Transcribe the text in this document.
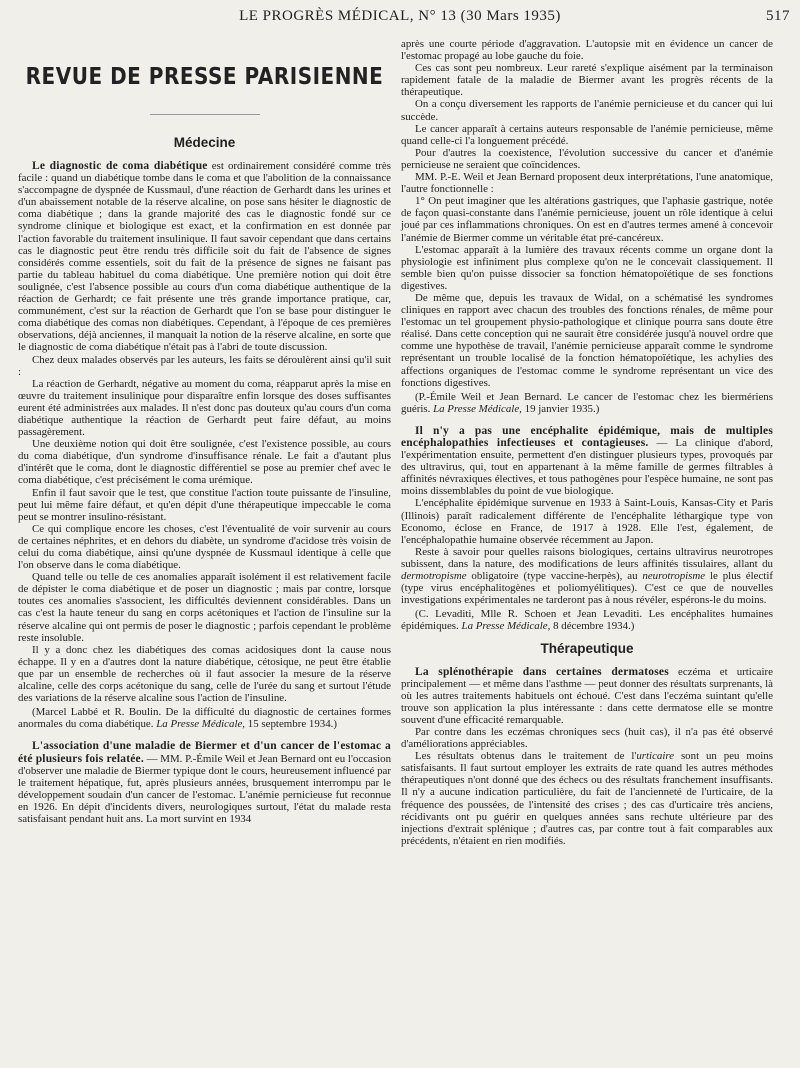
LE PROGRÈS MÉDICAL, N° 13 (30 Mars 1935)	517
REVUE DE PRESSE PARISIENNE
Médecine

Le diagnostic de coma diabétique est ordinairement considéré comme très facile : quand un diabétique tombe dans le coma et que l'abolition de la connaissance s'accompagne de dyspnée de Kussmaul, d'une réaction de Gerhardt dans les urines et d'un abaissement notable de la réserve alcaline, on pose sans hésiter le diagnostic de coma diabétique ; dans la grande majorité des cas le diagnostic fondé sur ce syndrome clinique et biologique est exact, et la confirmation en est donnée par l'action favorable du traitement insulinique. Il faut savoir cependant que dans certains cas le diagnostic peut être rendu très difficile soit du fait de l'absence de signes considérés comme essentiels, soit du fait de la présence de signes ne faisant pas partie du tableau habituel du coma diabétique. Une première notion qui doit être soulignée, c'est l'absence possible au cours d'un coma diabétique authentique de la réaction de Gerhardt; ce fait présente une très grande importance pratique, car, communément, c'est sur la réaction de Gerhardt que l'on se base pour distinguer le coma diabétique des comas non diabétiques. Cependant, à l'époque de ces premières observations, déjà anciennes, il manquait la notion de la réserve alcaline, en sorte que le diagnostic de coma diabétique n'était pas à l'abri de toute discussion.

Chez deux malades observés par les auteurs, les faits se déroulèrent ainsi qu'il suit :

La réaction de Gerhardt, négative au moment du coma, réapparut après la mise en œuvre du traitement insulinique pour disparaître enfin lorsque des doses suffisantes eurent été administrées aux malades. Il n'est donc pas douteux qu'au cours d'un coma diabétique authentique la réaction de Gerhardt peut faire défaut, au moins passagèrement.

Une deuxième notion qui doit être soulignée, c'est l'existence possible, au cours du coma diabétique, d'un syndrome d'insuffisance rénale. Le fait a d'autant plus d'intérêt que le coma, dont le diagnostic différentiel se pose au premier chef avec le coma diabétique, c'est précisément le coma urémique.

Enfin il faut savoir que le test, que constitue l'action toute puissante de l'insuline, peut lui même faire défaut, et qu'en dépit d'une thérapeutique impeccable le coma peut se montrer insulino-résistant.

Ce qui complique encore les choses, c'est l'éventualité de voir survenir au cours de certaines néphrites, et en dehors du diabète, un syndrome d'acidose très voisin de celui du coma diabétique, ainsi qu'une dyspnée de Kussmaul identique à celle que l'on observe dans le coma diabétique.

Quand telle ou telle de ces anomalies apparaît isolément il est relativement facile de dépister le coma diabétique et de poser un diagnostic ; mais par contre, lorsque toutes ces anomalies s'associent, les difficultés deviennent considérables. Dans un cas c'est la haute teneur du sang en corps acétoniques et l'action de l'insuline sur la réserve alcaline qui ont permis de poser le diagnostic ; parfois cependant le problème reste insoluble.

Il y a donc chez les diabétiques des comas acidosiques dont la cause nous échappe. Il y en a d'autres dont la nature diabétique, cétosique, ne peut être établie que par un ensemble de recherches où il faut associer la mesure de la réserve alcaline, celle des corps acétonique du sang, celle de l'urée du sang et surtout l'étude des variations de la réserve alcaline sous l'action de l'insuline.

(Marcel Labbé et R. Boulin. De la difficulté du diagnostic de certaines formes anormales du coma diabétique. La Presse Médicale, 15 septembre 1934.)

L'association d'une maladie de Biermer et d'un cancer de l'estomac a été plusieurs fois relatée. — MM. P.-Émile Weil et Jean Bernard ont eu l'occasion d'observer une maladie de Biermer typique dont le cours, heureusement influencé par le traitement hépatique, fut, après plusieurs années, brusquement interrompu par le développement soudain d'un cancer de l'estomac. L'anémie pernicieuse fut reconnue en 1926. En dépit d'incidents divers, neurologiques surtout, l'état du malade resta satisfaisant pendant huit ans. La mort survint en 1934

après une courte période d'aggravation. L'autopsie mit en évidence un cancer de l'estomac propagé au lobe gauche du foie.

Ces cas sont peu nombreux. Leur rareté s'explique aisément par la terminaison rapidement fatale de la maladie de Biermer avant les progrès récents de la thérapeutique.

On a conçu diversement les rapports de l'anémie pernicieuse et du cancer qui lui succède.

Le cancer apparaît à certains auteurs responsable de l'anémie pernicieuse, même quand celle-ci l'a longuement précédé.

Pour d'autres la coexistence, l'évolution successive du cancer et d'anémie pernicieuse ne seraient que coïncidences.

MM. P.-E. Weil et Jean Bernard proposent deux interprétations, l'une anatomique, l'autre fonctionnelle :

1° On peut imaginer que les altérations gastriques, que l'aphasie gastrique, notée de façon quasi-constante dans l'anémie pernicieuse, jouent un rôle identique à celui joué par ces inflammations chroniques. On est en d'autres termes amené à concevoir l'anémie de Biermer comme un véritable état pré-cancéreux.

L'estomac apparaît à la lumière des travaux récents comme un organe dont la physiologie est infiniment plus complexe qu'on ne le concevait classiquement. Il semble bien qu'on puisse dissocier sa fonction hématopoïétique de ses fonctions digestives.

De même que, depuis les travaux de Widal, on a schématisé les syndromes cliniques en rapport avec chacun des troubles des fonctions rénales, de même pour l'estomac un tel groupement physio-pathologique et clinique pourra sans doute être réalisé. Dans cette conception qui ne saurait être considérée jusqu'à nouvel ordre que comme une hypothèse de travail, l'anémie pernicieuse apparaît comme le syndrome représentant un trouble localisé de la fonction hématopoïétique, les achylies des affections organiques de l'estomac comme le syndrome représentant un vice des fonctions digestives.

(P.-Émile Weil et Jean Bernard. Le cancer de l'estomac chez les biermériens guéris. La Presse Médicale, 19 janvier 1935.)

Il n'y a pas une encéphalite épidémique, mais de multiples encéphalopathies infectieuses et contagieuses. — La clinique d'abord, l'expérimentation ensuite, permettent d'en distinguer plusieurs types, provoqués par des ultravirus, qui, tout en appartenant à la même famille de germes filtrables à affinités névraxiques électives, et tous pathogènes pour l'espèce humaine, ne sont pas moins dissemblables du point de vue biologique.

L'encéphalite épidémique survenue en 1933 à Saint-Louis, Kansas-City et Paris (Illinois) paraît radicalement différente de l'encéphalite léthargique type von Economo, éclose en France, de 1917 à 1928. Elle l'est, également, de l'encéphalopathie humaine observée récemment au Japon.

Reste à savoir pour quelles raisons biologiques, certains ultravirus neurotropes subissent, dans la nature, des modifications de leurs affinités tissulaires, allant du dermotropisme obligatoire (type vaccine-herpès), au neurotropisme le plus électif (type virus encéphalitogènes et poliomyélitiques). C'est ce que de nouvelles investigations expérimentales ne tarderont pas à nous révéler, espérons-le du moins.

(C. Levaditi, Mlle R. Schoen et Jean Levaditi. Les encéphalites humaines épidémiques. La Presse Médicale, 8 décembre 1934.)

Thérapeutique

La splénothérapie dans certaines dermatoses eczéma et urticaire principalement — et même dans l'asthme — peut donner des résultats surprenants, là où les autres traitements habituels ont échoué. C'est dans l'eczéma suintant qu'elle trouve son application la plus intéressante : dans cette dermatose elle se montre souvent d'une efficacité remarquable.

Par contre dans les eczémas chroniques secs (huit cas), il n'a pas été observé d'améliorations appréciables.

Les résultats obtenus dans le traitement de l'urticaire sont un peu moins satisfaisants. Il faut surtout employer les extraits de rate quand les autres méthodes thérapeutiques n'ont donné que des échecs ou des résultats franchement insuffisants. Il n'y a aucune indication particulière, du fait de l'ancienneté de l'urticaire, de la fréquence des poussées, de l'intensité des crises ; des cas d'urticaire très anciens, récidivants ont pu guérir en quelques années sans rechute ultérieure par des injections d'extrait splénique ; d'autres cas, par contre tout à fait comparables aux précédents, n'étaient en rien modifiés.
